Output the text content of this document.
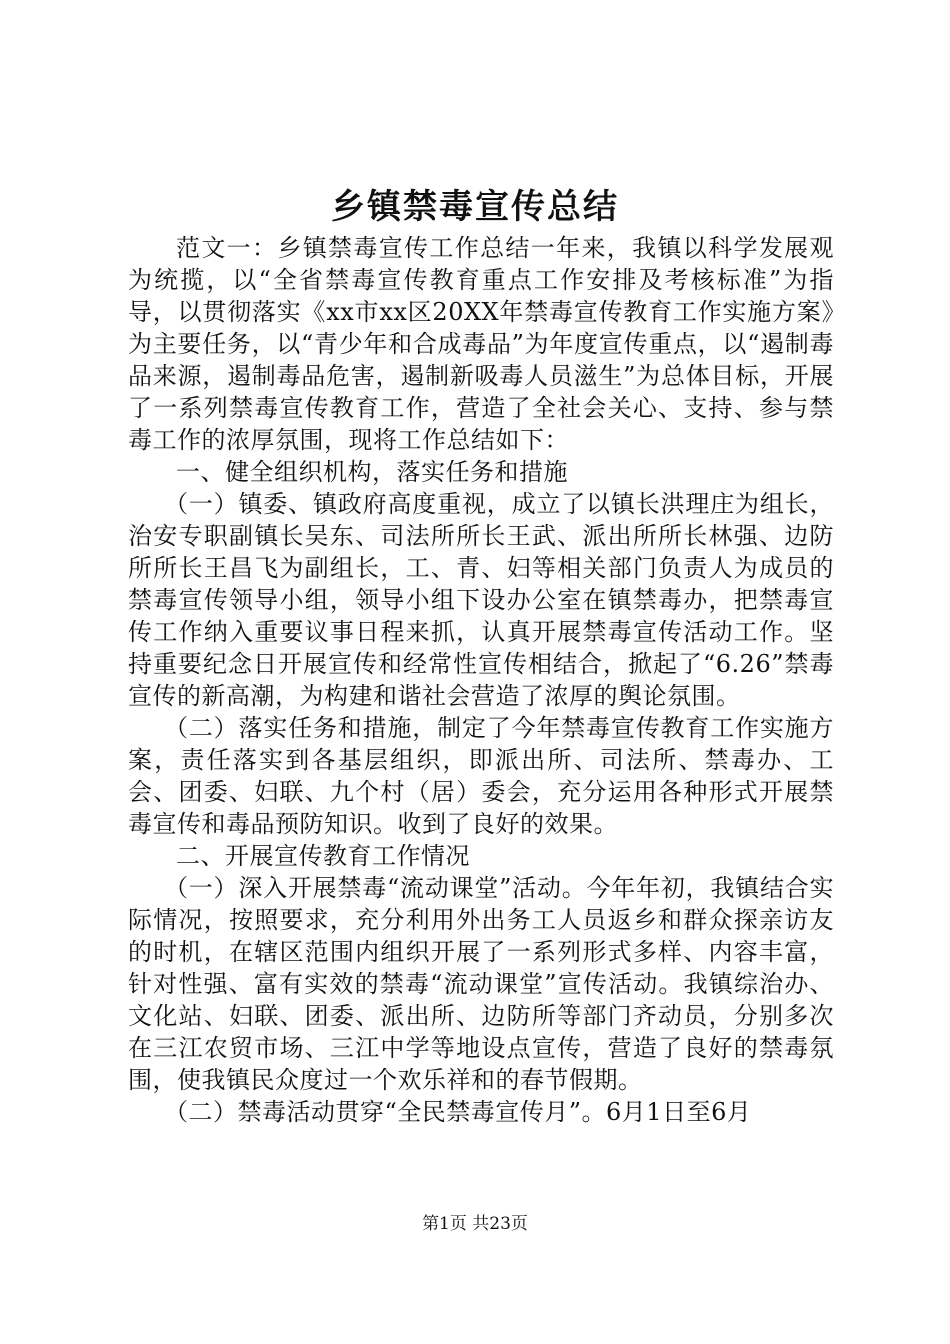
乡镇禁毒宣传总结

范文一：乡镇禁毒宣传工作总结一年来，我镇以科学发展观为统揽，以“全省禁毒宣传教育重点工作安排及考核标准”为指导，以贯彻落实《xx市xx区20XX年禁毒宣传教育工作实施方案》为主要任务，以“青少年和合成毒品”为年度宣传重点，以“遏制毒品来源，遏制毒品危害，遏制新吸毒人员滋生”为总体目标，开展了一系列禁毒宣传教育工作，营造了全社会关心、支持、参与禁毒工作的浓厚氛围，现将工作总结如下：

一、健全组织机构，落实任务和措施

（一）镇委、镇政府高度重视，成立了以镇长洪理庄为组长，治安专职副镇长吴东、司法所所长王武、派出所所长林强、边防所所长王昌飞为副组长，工、青、妇等相关部门负责人为成员的禁毒宣传领导小组，领导小组下设办公室在镇禁毒办，把禁毒宣传工作纳入重要议事日程来抓，认真开展禁毒宣传活动工作。坚持重要纪念日开展宣传和经常性宣传相结合，掀起了“6.26”禁毒宣传的新高潮，为构建和谐社会营造了浓厚的舆论氛围。

（二）落实任务和措施，制定了今年禁毒宣传教育工作实施方案，责任落实到各基层组织，即派出所、司法所、禁毒办、工会、团委、妇联、九个村（居）委会，充分运用各种形式开展禁毒宣传和毒品预防知识。收到了良好的效果。

二、开展宣传教育工作情况

（一）深入开展禁毒“流动课堂”活动。今年年初，我镇结合实际情况，按照要求，充分利用外出务工人员返乡和群众探亲访友的时机，在辖区范围内组织开展了一系列形式多样、内容丰富，针对性强、富有实效的禁毒“流动课堂”宣传活动。我镇综治办、文化站、妇联、团委、派出所、边防所等部门齐动员，分别多次在三江农贸市场、三江中学等地设点宣传，营造了良好的禁毒氛围，使我镇民众度过一个欢乐祥和的春节假期。

（二）禁毒活动贯穿“全民禁毒宣传月”。6月1日至6月

第1页 共23页
